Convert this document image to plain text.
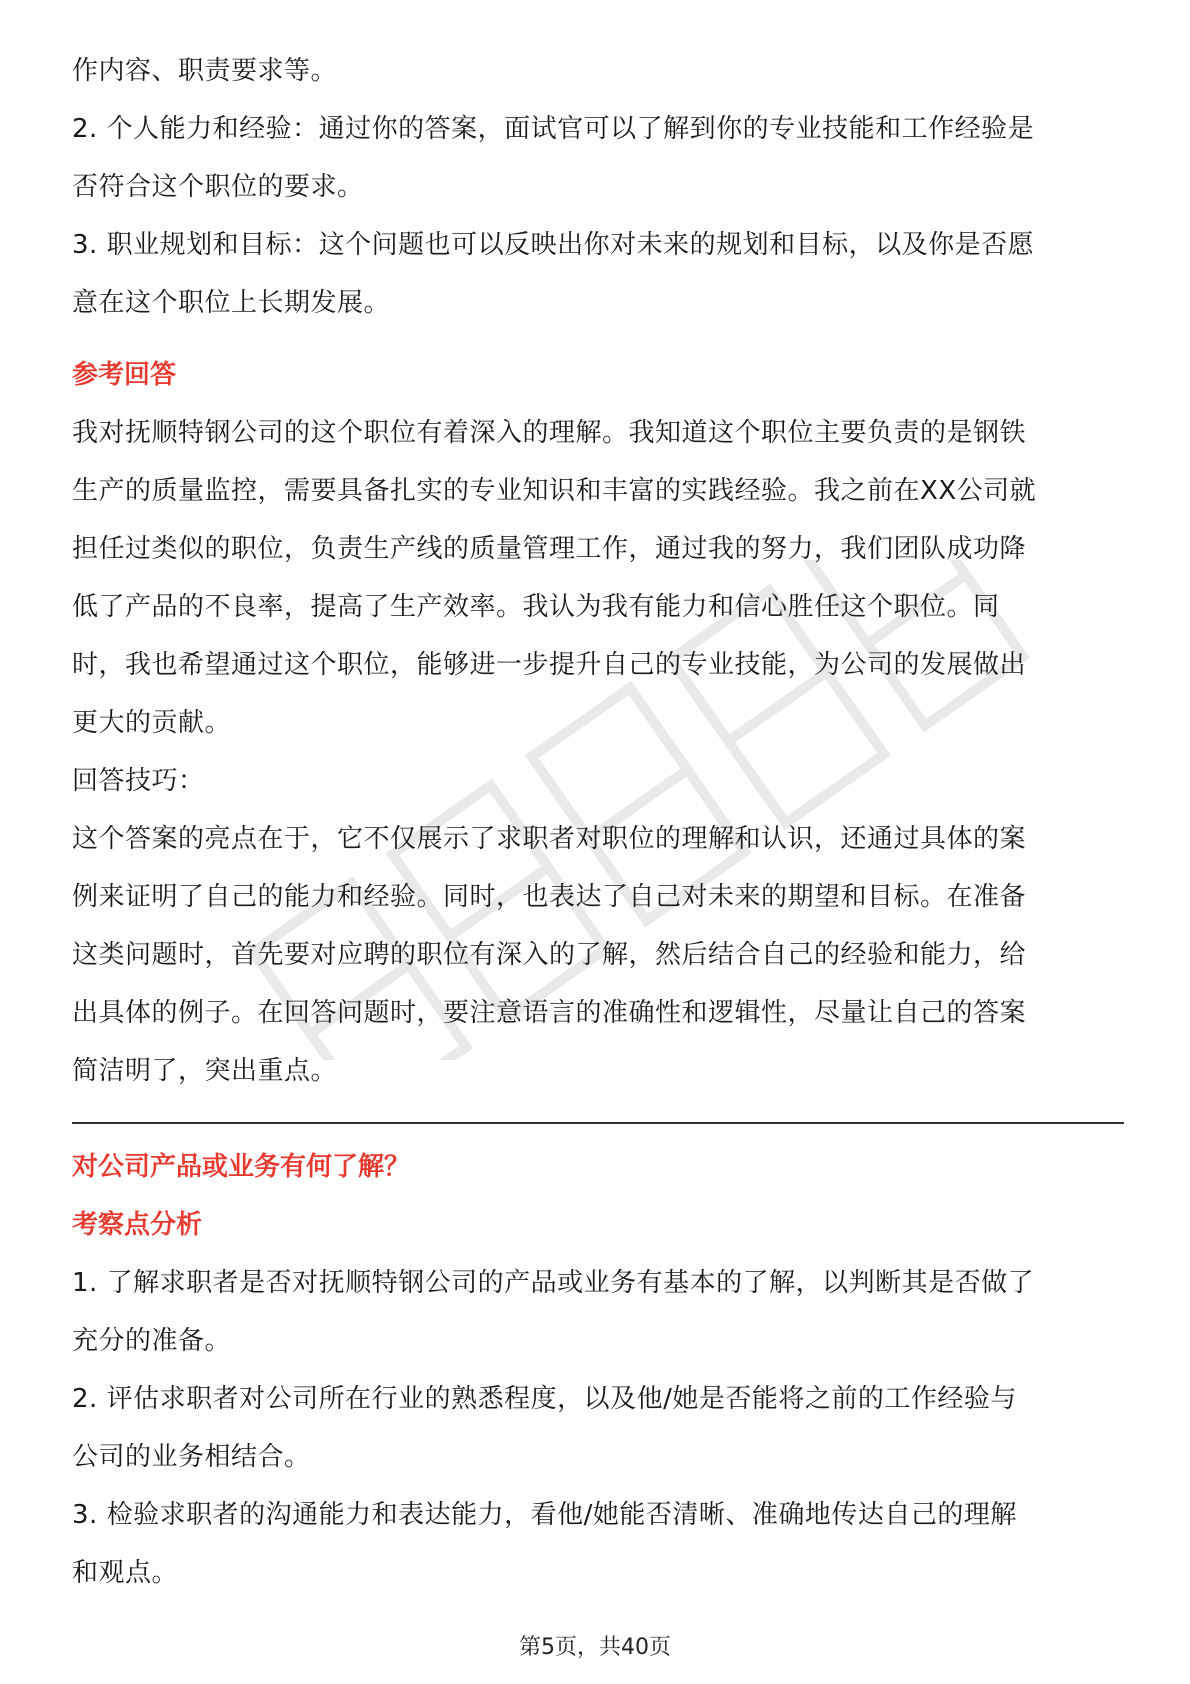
作内容、职责要求等。

2. 个人能力和经验：通过你的答案，面试官可以了解到你的专业技能和工作经验是

否符合这个职位的要求。

3. 职业规划和目标：这个问题也可以反映出你对未来的规划和目标，以及你是否愿

意在这个职位上长期发展。

参考回答

我对抚顺特钢公司的这个职位有着深入的理解。我知道这个职位主要负责的是钢铁

生产的质量监控，需要具备扎实的专业知识和丰富的实践经验。我之前在XX公司就

担任过类似的职位，负责生产线的质量管理工作，通过我的努力，我们团队成功降

低了产品的不良率，提高了生产效率。我认为我有能力和信心胜任这个职位。同

时，我也希望通过这个职位，能够进一步提升自己的专业技能，为公司的发展做出

更大的贡献。

回答技巧：

这个答案的亮点在于，它不仅展示了求职者对职位的理解和认识，还通过具体的案

例来证明了自己的能力和经验。同时，也表达了自己对未来的期望和目标。在准备

这类问题时，首先要对应聘的职位有深入的了解，然后结合自己的经验和能力，给

出具体的例子。在回答问题时，要注意语言的准确性和逻辑性，尽量让自己的答案

简洁明了，突出重点。

对公司产品或业务有何了解？

考察点分析

1. 了解求职者是否对抚顺特钢公司的产品或业务有基本的了解，以判断其是否做了

充分的准备。

2. 评估求职者对公司所在行业的熟悉程度，以及他/她是否能将之前的工作经验与

公司的业务相结合。

3. 检验求职者的沟通能力和表达能力，看他/她能否清晰、准确地传达自己的理解

和观点。

第5页，共40页
